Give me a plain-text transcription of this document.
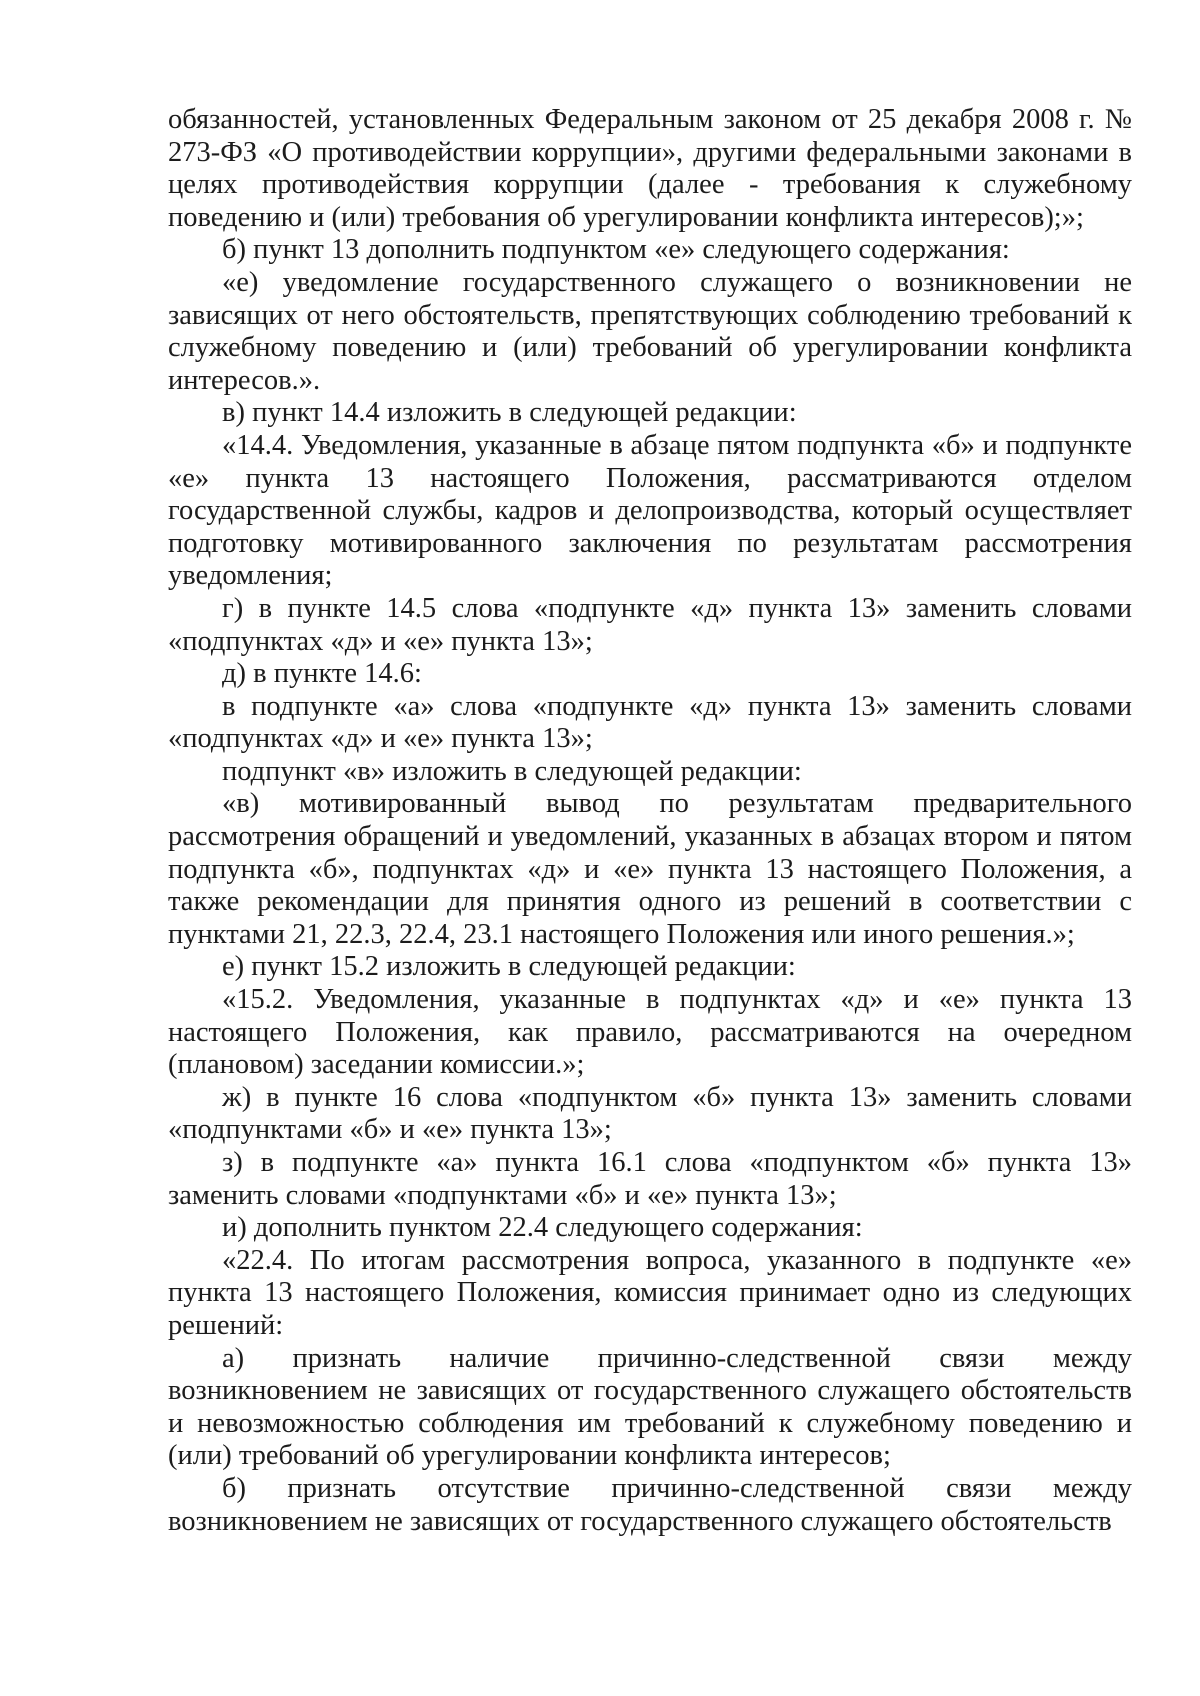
обязанностей, установленных Федеральным законом от 25 декабря 2008 г. № 273-ФЗ «О противодействии коррупции», другими федеральными законами в целях противодействия коррупции (далее - требования к служебному поведению и (или) требования об урегулировании конфликта интересов);»;

б) пункт 13 дополнить подпунктом «е» следующего содержания:

«е) уведомление государственного служащего о возникновении не зависящих от него обстоятельств, препятствующих соблюдению требований к служебному поведению и (или) требований об урегулировании конфликта интересов.».

в) пункт 14.4 изложить в следующей редакции:

«14.4. Уведомления, указанные в абзаце пятом подпункта «б» и подпункте «е» пункта 13 настоящего Положения, рассматриваются отделом государственной службы, кадров и делопроизводства, который осуществляет подготовку мотивированного заключения по результатам рассмотрения уведомления;

г) в пункте 14.5 слова «подпункте «д» пункта 13» заменить словами «подпунктах «д» и «е» пункта 13»;

д) в пункте 14.6:

в подпункте «а» слова «подпункте «д» пункта 13» заменить словами «подпунктах «д» и «е» пункта 13»;

подпункт «в» изложить в следующей редакции:

«в) мотивированный вывод по результатам предварительного рассмотрения обращений и уведомлений, указанных в абзацах втором и пятом подпункта «б», подпунктах «д» и «е» пункта 13 настоящего Положения, а также рекомендации для принятия одного из решений в соответствии с пунктами 21, 22.3, 22.4, 23.1 настоящего Положения или иного решения.»;

е) пункт 15.2 изложить в следующей редакции:

«15.2. Уведомления, указанные в подпунктах «д» и «е» пункта 13 настоящего Положения, как правило, рассматриваются на очередном (плановом) заседании комиссии.»;

ж) в пункте 16 слова «подпунктом «б» пункта 13» заменить словами «подпунктами «б» и «е» пункта 13»;

з) в подпункте «а» пункта 16.1 слова «подпунктом «б» пункта 13» заменить словами «подпунктами «б» и «е» пункта 13»;

и) дополнить пунктом 22.4 следующего содержания:

«22.4. По итогам рассмотрения вопроса, указанного в подпункте «е» пункта 13 настоящего Положения, комиссия принимает одно из следующих решений:

а) признать наличие причинно-следственной связи между возникновением не зависящих от государственного служащего обстоятельств и невозможностью соблюдения им требований к служебному поведению и (или) требований об урегулировании конфликта интересов;

б) признать отсутствие причинно-следственной связи между возникновением не зависящих от государственного служащего обстоятельств
